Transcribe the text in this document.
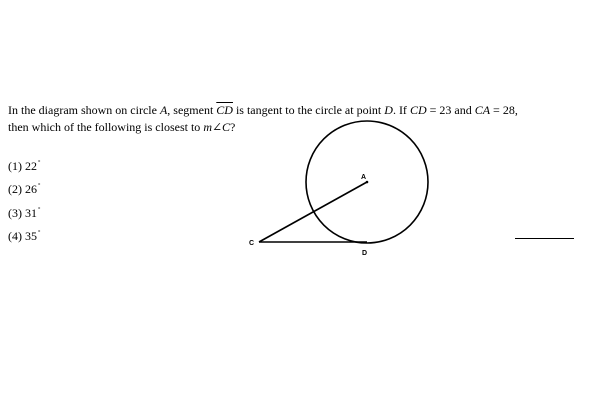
In the diagram shown on circle A, segment $\overline{CD}$ is tangent to the circle at point D. If CD = 23 and CA = 28,
then which of the following is closest to m∠C?
(1) 22°
(2) 26°
(3) 31°
(4) 35°
A
C
D
